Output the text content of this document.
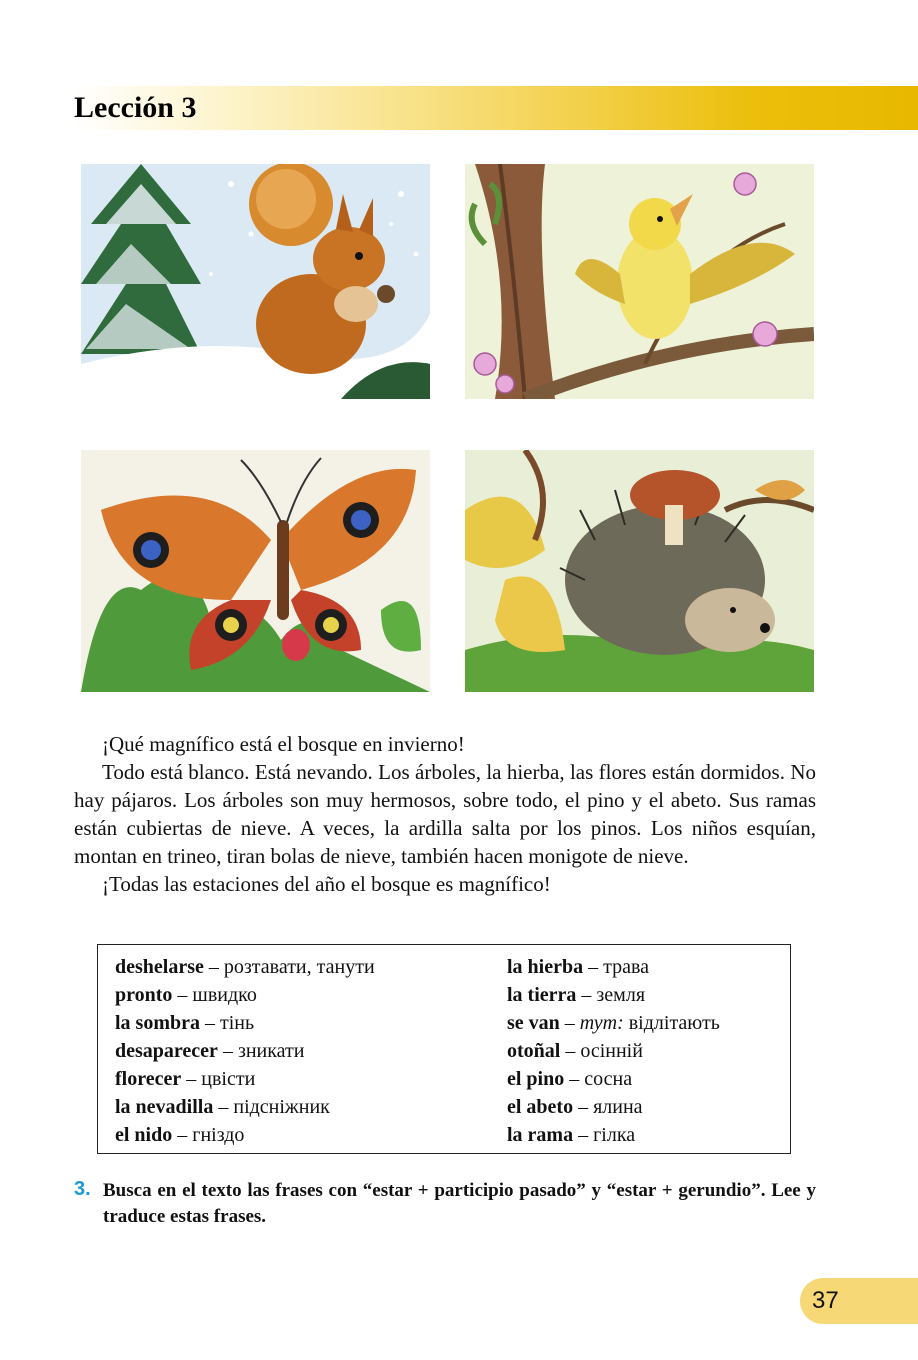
Lección 3

¡Qué magnífico está el bosque en invierno!

Todo está blanco. Está nevando. Los árboles, la hierba, las flores están dormidos. No hay pájaros. Los árboles son muy hermosos, sobre todo, el pino y el abeto. Sus ramas están cubiertas de nieve. A veces, la ardilla salta por los pinos. Los niños esquían, montan en trineo, tiran bolas de nieve, también hacen monigote de nieve.

¡Todas las estaciones del año el bosque es magnífico!

deshelarse – розтавати, танути
pronto – швидко
la sombra – тінь
desaparecer – зникати
florecer – цвісти
la nevadilla – підсніжник
el nido – гніздо
la hierba – трава
la tierra – земля
se van – тут: відлітають
otoñal – осінній
el pino – сосна
el abeto – ялина
la rama – гілка
3. Busca en el texto las frases con “estar + participio pasado” y “estar + gerundio”. Lee y traduce estas frases.
37
